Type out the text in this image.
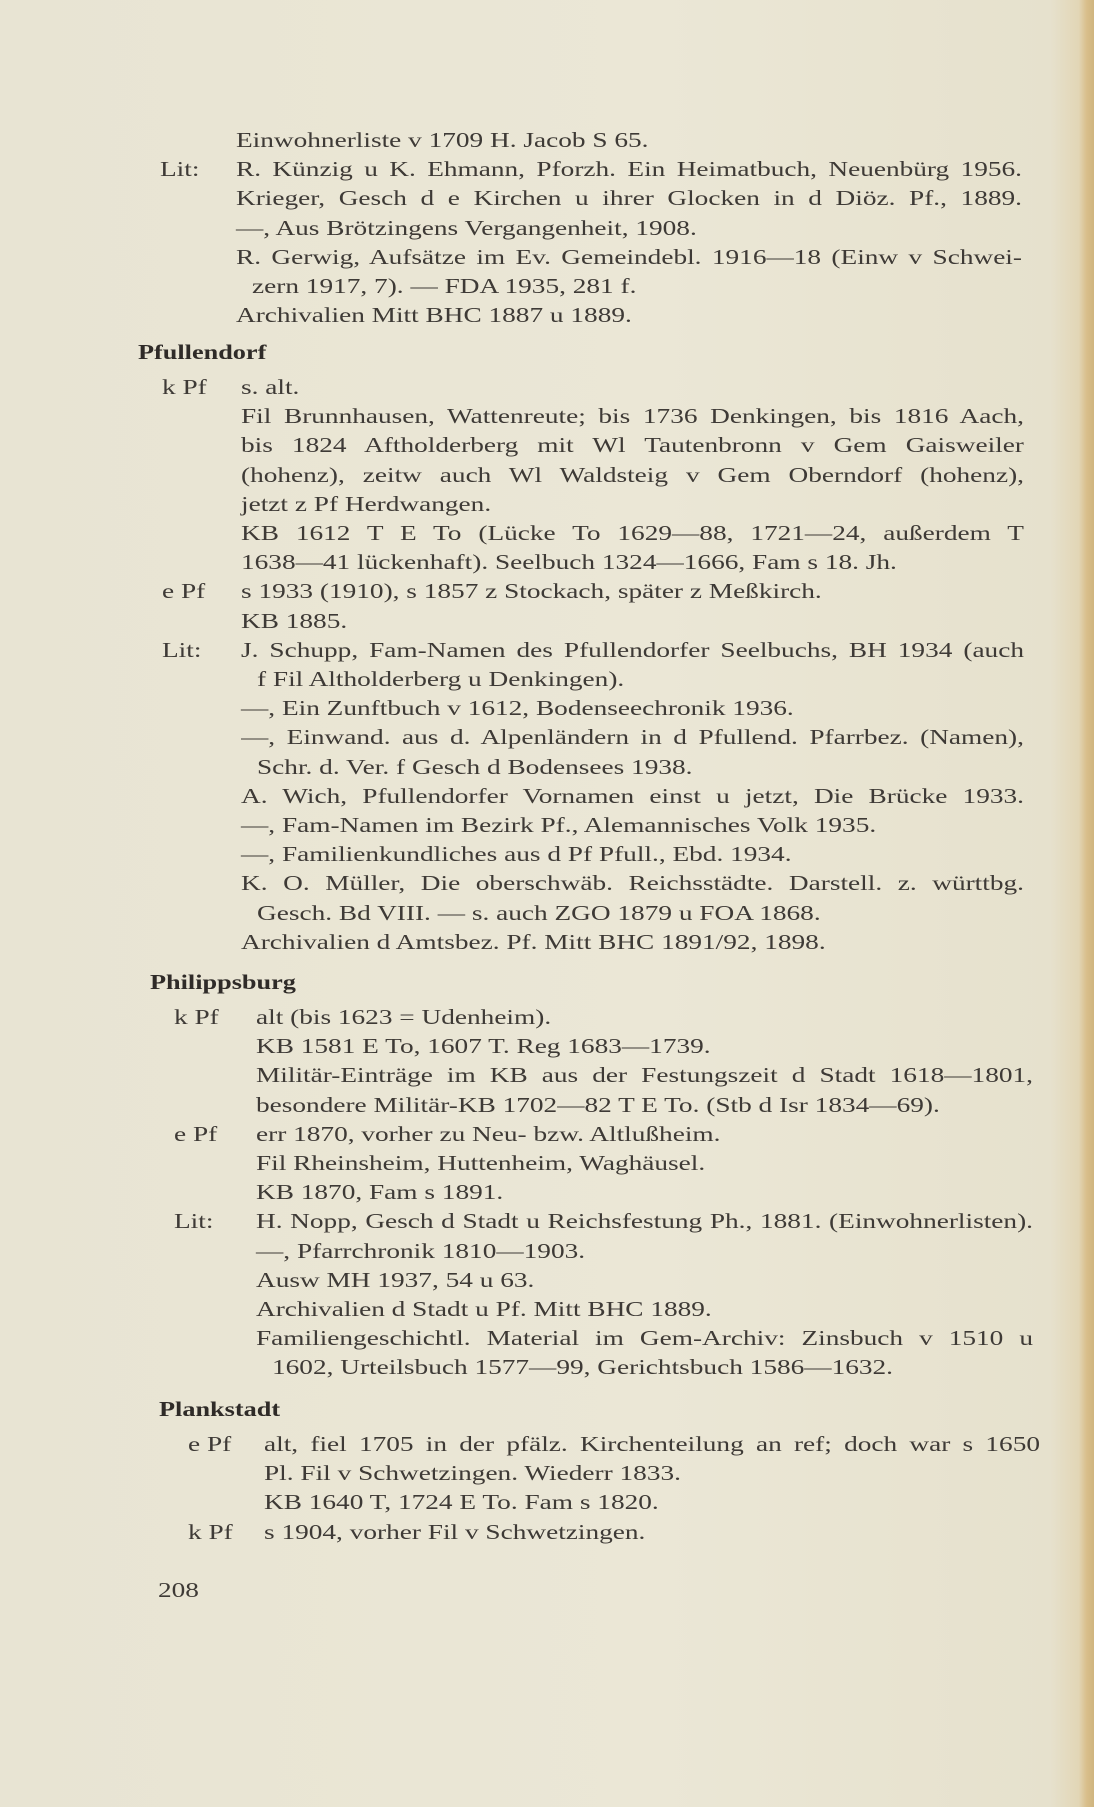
Einwohnerliste v 1709 H. Jacob S 65.
Lit: R. Künzig u K. Ehmann, Pforzh. Ein Heimatbuch, Neuenbürg 1956.
Krieger, Gesch d e Kirchen u ihrer Glocken in d Diöz. Pf., 1889.
—, Aus Brötzingens Vergangenheit, 1908.
R. Gerwig, Aufsätze im Ev. Gemeindebl. 1916—18 (Einw v Schwei-
zern 1917, 7). — FDA 1935, 281 f.
Archivalien Mitt BHC 1887 u 1889.
Pfullendorf
k Pf s. alt.
Fil Brunnhausen, Wattenreute; bis 1736 Denkingen, bis 1816 Aach,
bis 1824 Aftholderberg mit Wl Tautenbronn v Gem Gaisweiler
(hohenz), zeitw auch Wl Waldsteig v Gem Oberndorf (hohenz),
jetzt z Pf Herdwangen.
KB 1612 T E To (Lücke To 1629—88, 1721—24, außerdem T
1638—41 lückenhaft). Seelbuch 1324—1666, Fam s 18. Jh.
e Pf s 1933 (1910), s 1857 z Stockach, später z Meßkirch.
KB 1885.
Lit: J. Schupp, Fam-Namen des Pfullendorfer Seelbuchs, BH 1934 (auch
f Fil Altholderberg u Denkingen).
—, Ein Zunftbuch v 1612, Bodenseechronik 1936.
—, Einwand. aus d. Alpenländern in d Pfullend. Pfarrbez. (Namen),
Schr. d. Ver. f Gesch d Bodensees 1938.
A. Wich, Pfullendorfer Vornamen einst u jetzt, Die Brücke 1933.
—, Fam-Namen im Bezirk Pf., Alemannisches Volk 1935.
—, Familienkundliches aus d Pf Pfull., Ebd. 1934.
K. O. Müller, Die oberschwäb. Reichsstädte. Darstell. z. württbg.
Gesch. Bd VIII. — s. auch ZGO 1879 u FOA 1868.
Archivalien d Amtsbez. Pf. Mitt BHC 1891/92, 1898.
Philippsburg
k Pf alt (bis 1623 = Udenheim).
KB 1581 E To, 1607 T. Reg 1683—1739.
Militär-Einträge im KB aus der Festungszeit d Stadt 1618—1801,
besondere Militär-KB 1702—82 T E To. (Stb d Isr 1834—69).
e Pf err 1870, vorher zu Neu- bzw. Altlußheim.
Fil Rheinsheim, Huttenheim, Waghäusel.
KB 1870, Fam s 1891.
Lit: H. Nopp, Gesch d Stadt u Reichsfestung Ph., 1881. (Einwohnerlisten).
—, Pfarrchronik 1810—1903.
Ausw MH 1937, 54 u 63.
Archivalien d Stadt u Pf. Mitt BHC 1889.
Familiengeschichtl. Material im Gem-Archiv: Zinsbuch v 1510 u
1602, Urteilsbuch 1577—99, Gerichtsbuch 1586—1632.
Plankstadt
e Pf alt, fiel 1705 in der pfälz. Kirchenteilung an ref; doch war s 1650
Pl. Fil v Schwetzingen. Wiederr 1833.
KB 1640 T, 1724 E To. Fam s 1820.
k Pf s 1904, vorher Fil v Schwetzingen.
208
